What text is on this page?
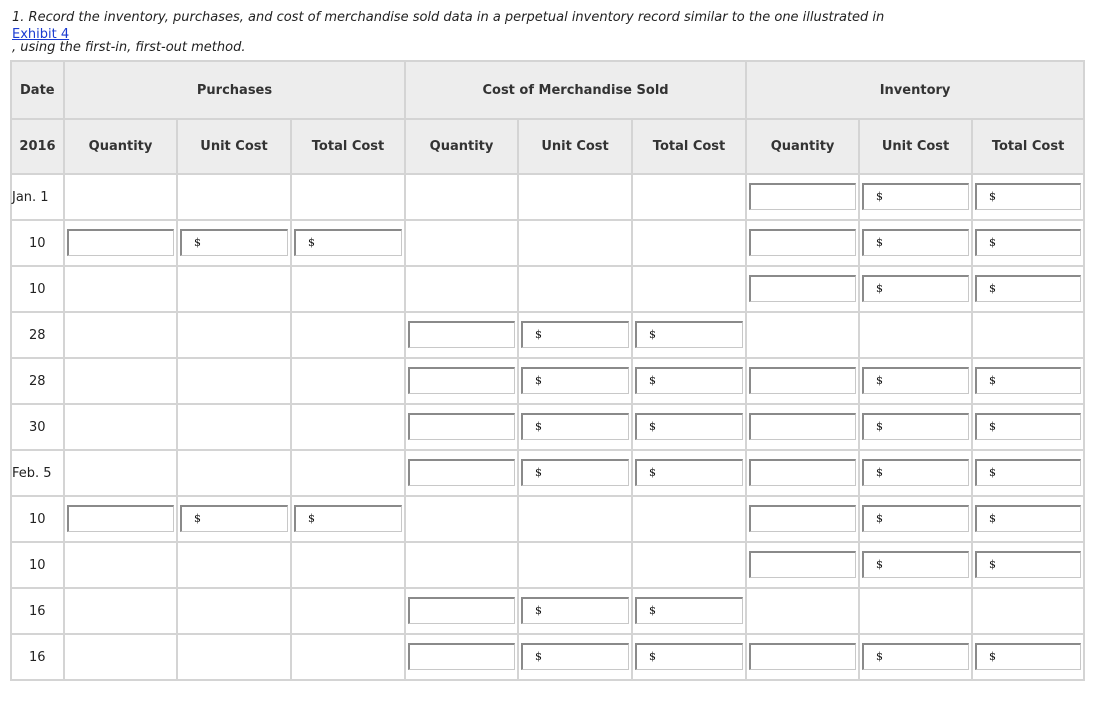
1. Record the inventory, purchases, and cost of merchandise sold data in a perpetual inventory record similar to the one illustrated in
Exhibit 4
, using the first-in, first-out method.
Date	Purchases			Cost of Merchandise Sold			Inventory		
2016	Quantity	Unit Cost	Total Cost	Quantity	Unit Cost	Total Cost	Quantity	Unit Cost	Total Cost
Jan. 1								$	$

10		$	$					$	$

10								$	$

28					$	$			

28					$	$		$	$

30					$	$		$	$

Feb. 5					$	$		$	$

10		$	$					$	$

10								$	$

16					$	$			

16					$	$		$	$
